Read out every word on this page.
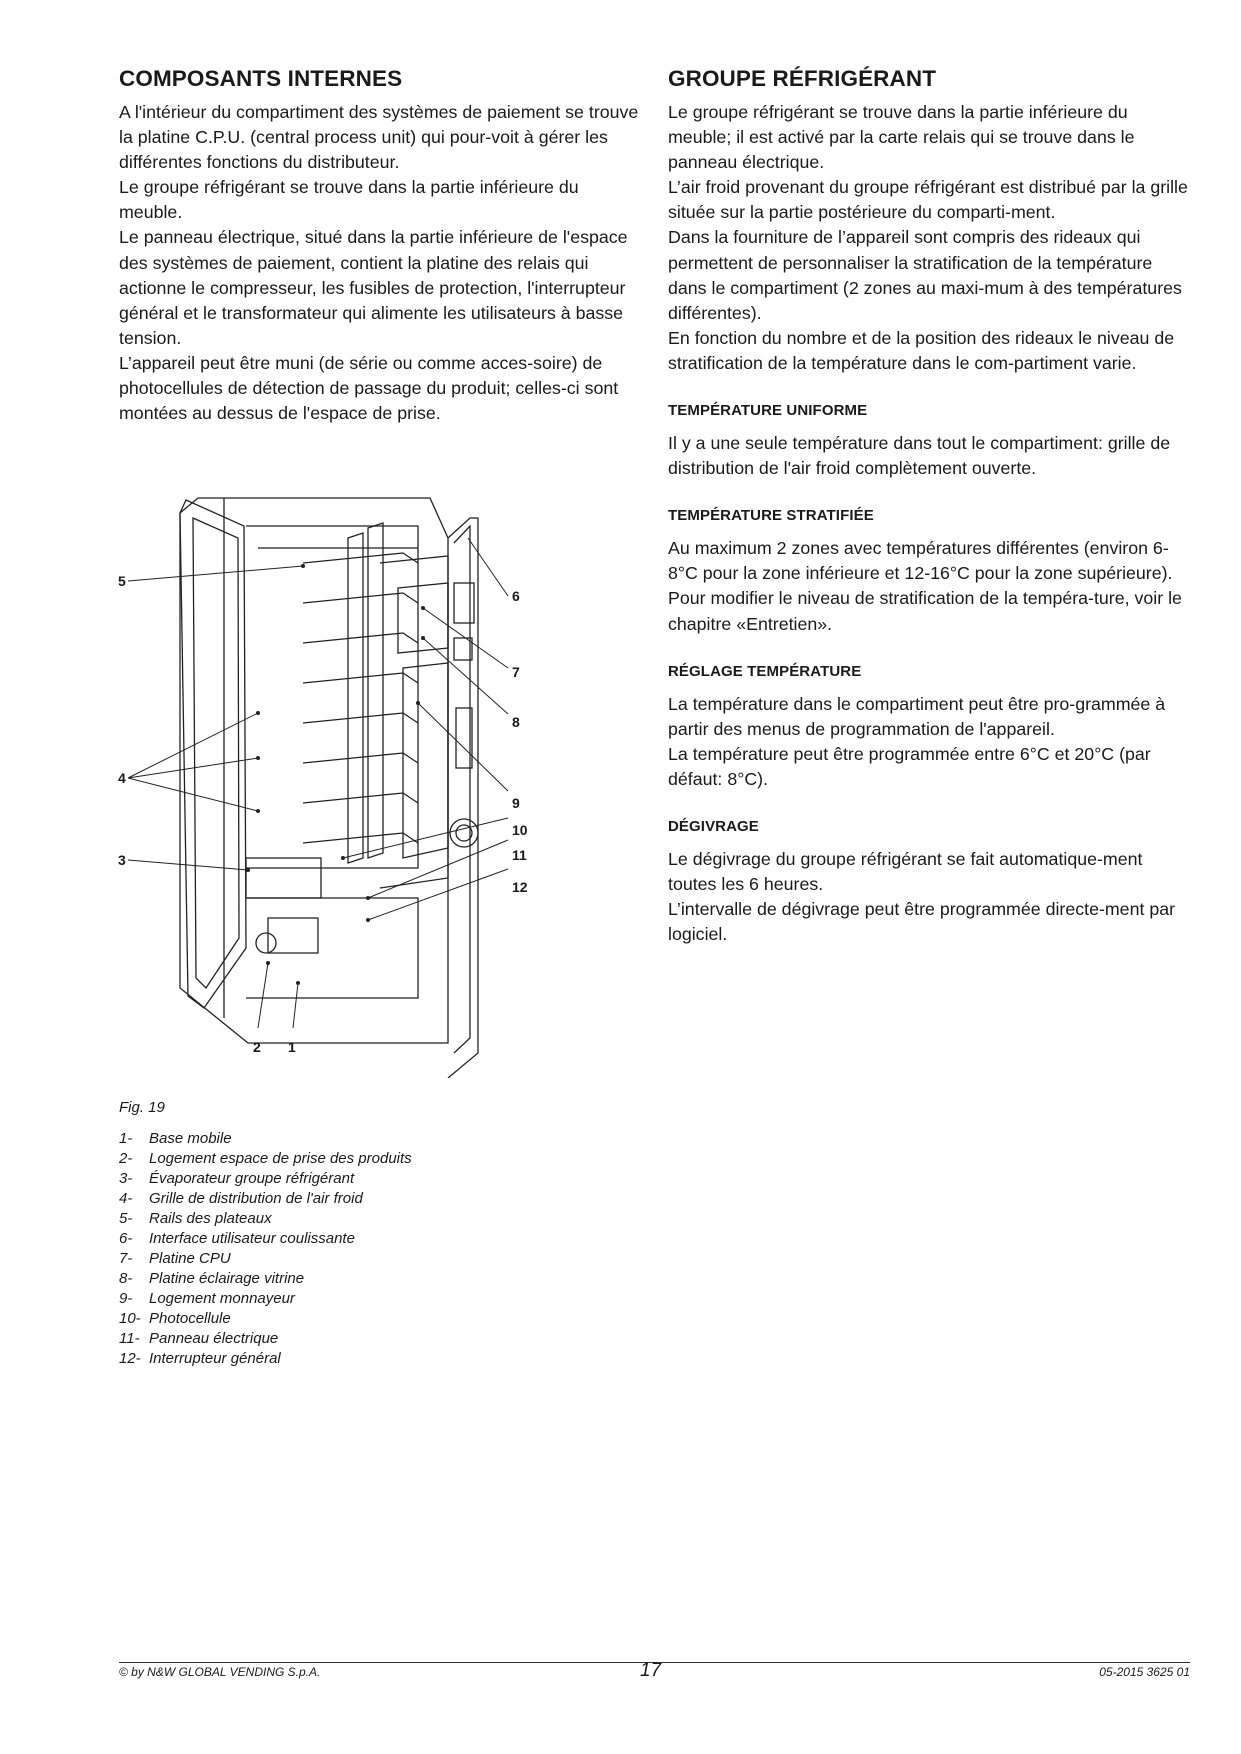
COMPOSANTS INTERNES

A l'intérieur du compartiment des systèmes de paiement se trouve la platine C.P.U. (central process unit) qui pour-voit à gérer les différentes fonctions du distributeur.

Le groupe réfrigérant se trouve dans la partie inférieure du meuble.

Le panneau électrique, situé dans la partie inférieure de l'espace des systèmes de paiement, contient la platine des relais qui actionne le compresseur, les fusibles de protection, l'interrupteur général et le transformateur qui alimente les utilisateurs à basse tension.

L’appareil peut être muni (de série ou comme acces-soire) de photocellules de détection de passage du produit; celles-ci sont montées au dessus de l'espace de prise.

GROUPE RÉFRIGÉRANT

Le groupe réfrigérant se trouve dans la partie inférieure du meuble; il est activé par la carte relais qui se trouve dans le panneau électrique.

L’air froid provenant du groupe réfrigérant est distribué par la grille située sur la partie postérieure du comparti-ment.

Dans la fourniture de l’appareil sont compris des rideaux qui permettent de personnaliser la stratification de la température dans le compartiment (2 zones au maxi-mum à des températures différentes).

En fonction du nombre et de la position des rideaux le niveau de stratification de la température dans le com-partiment varie.

TEMPÉRATURE UNIFORME

Il y a une seule température dans tout le compartiment: grille de distribution de l'air froid complètement ouverte.

TEMPÉRATURE STRATIFIÉE

Au maximum 2 zones avec températures différentes (environ 6-8°C pour la zone inférieure et 12-16°C pour la zone supérieure).

Pour modifier le niveau de stratification de la tempéra-ture, voir le chapitre «Entretien».

RÉGLAGE TEMPÉRATURE

La température dans le compartiment peut être pro-grammée à partir des menus de programmation de l'appareil.

La température peut être programmée entre 6°C et 20°C (par défaut: 8°C).

DÉGIVRAGE

Le dégivrage du groupe réfrigérant se fait automatique-ment toutes les 6 heures.

L’intervalle de dégivrage peut être programmée directe-ment par logiciel.

5
4
3
6
7
8
9
10
11
12
2 1
Fig. 19
1- Base mobile
2- Logement espace de prise des produits
3- Évaporateur groupe réfrigérant
4- Grille de distribution de l'air froid
5- Rails des plateaux
6- Interface utilisateur coulissante
7- Platine CPU
8- Platine éclairage vitrine
9- Logement monnayeur
10- Photocellule
11- Panneau électrique
12- Interrupteur général
© by N&W GLOBAL VENDING S.p.A.	17	05-2015 3625 01
